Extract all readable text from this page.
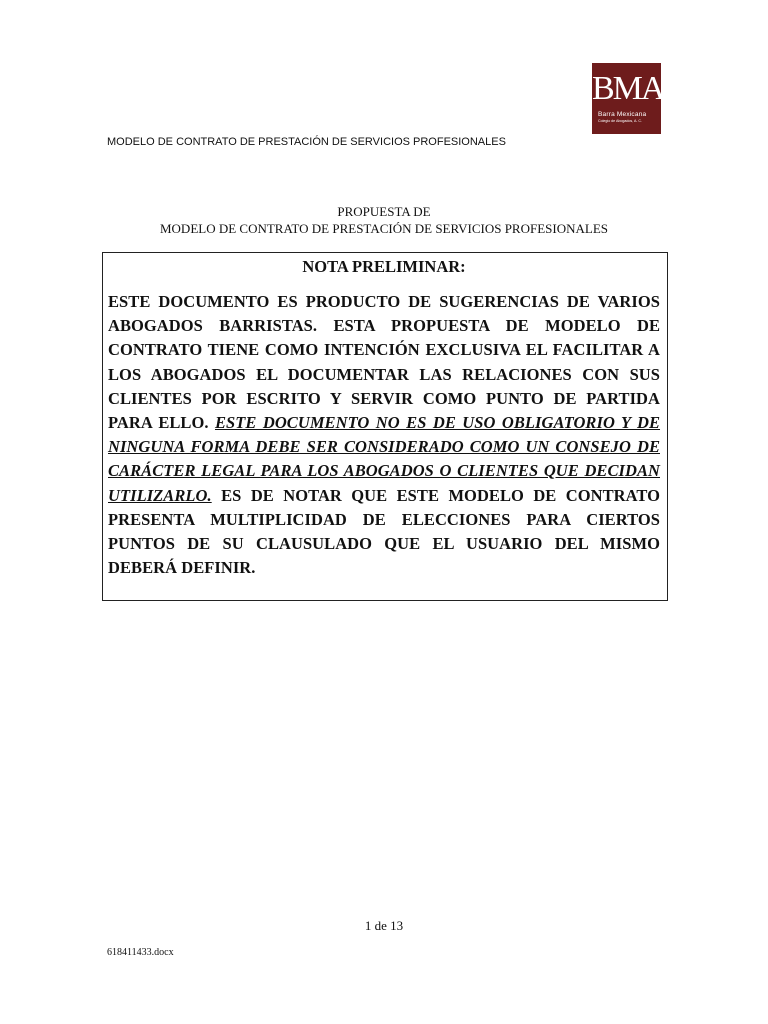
BMA
Barra Mexicana
Colegio de Abogados, A. C.
MODELO DE CONTRATO DE PRESTACIÓN DE SERVICIOS PROFESIONALES
PROPUESTA DE
MODELO DE CONTRATO DE PRESTACIÓN DE SERVICIOS PROFESIONALES
NOTA PRELIMINAR:
ESTE DOCUMENTO ES PRODUCTO DE SUGERENCIAS DE VARIOS ABOGADOS BARRISTAS. ESTA PROPUESTA DE MODELO DE CONTRATO TIENE COMO INTENCIÓN EXCLUSIVA EL FACILITAR A LOS ABOGADOS EL DOCUMENTAR LAS RELACIONES CON SUS CLIENTES POR ESCRITO Y SERVIR COMO PUNTO DE PARTIDA PARA ELLO. ESTE DOCUMENTO NO ES DE USO OBLIGATORIO Y DE NINGUNA FORMA DEBE SER CONSIDERADO COMO UN CONSEJO DE CARÁCTER LEGAL PARA LOS ABOGADOS O CLIENTES QUE DECIDAN UTILIZARLO. ES DE NOTAR QUE ESTE MODELO DE CONTRATO PRESENTA MULTIPLICIDAD DE ELECCIONES PARA CIERTOS PUNTOS DE SU CLAUSULADO QUE EL USUARIO DEL MISMO DEBERÁ DEFINIR.
1 de 13
618411433.docx
